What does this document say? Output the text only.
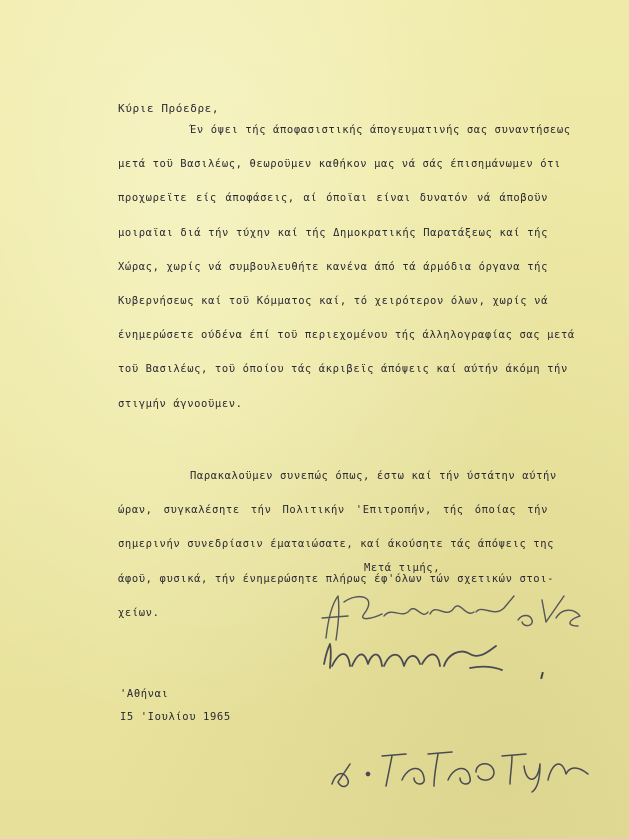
Κύριε Πρόεδρε,
Έν όψει τής άποφασιστικής άπογευματινής σας συναντήσεως
μετά τοϋ Βασιλέως, θεωροϋμεν καθήκον μας νά σάς έπισημάνωμεν ότι
προχωρεϊτε είς άποφάσεις, αί όποϊαι είναι δυνατόν νά άποβοϋν
μοιραϊαι διά τήν τύχην καί τής Δημοκρατικής Παρατάξεως καί τής
Χώρας, χωρίς νά συμβουλευθήτε κανένα άπό τά άρμόδια όργανα τής
Κυβερνήσεως καί τοϋ Κόμματος καί, τό χειρότερον όλων, χωρίς νά
ένημερώσετε ούδένα έπί τοϋ περιεχομένου τής άλληλογραφίας σας μετά
τοϋ Βασιλέως, τοϋ όποίου τάς άκριβεϊς άπόψεις καί αύτήν άκόμη τήν
στιγμήν άγνοοϋμεν.
Παρακαλοϋμεν συνεπώς όπως, έστω καί τήν ύστάτην αύτήν
ώραν, συγκαλέσητε τήν Πολιτικήν 'Επιτροπήν, τής όποίας τήν
σημερινήν συνεδρίασιν έματαιώσατε, καί άκούσητε τάς άπόψεις της
άφοϋ, φυσικά, τήν ένημερώσητε πλήρως έφ'όλων τών σχετικών στοι-
χείων.
Μετά τιμής,
'Αθήναι
Ι5 'Ιουλίου 1965
